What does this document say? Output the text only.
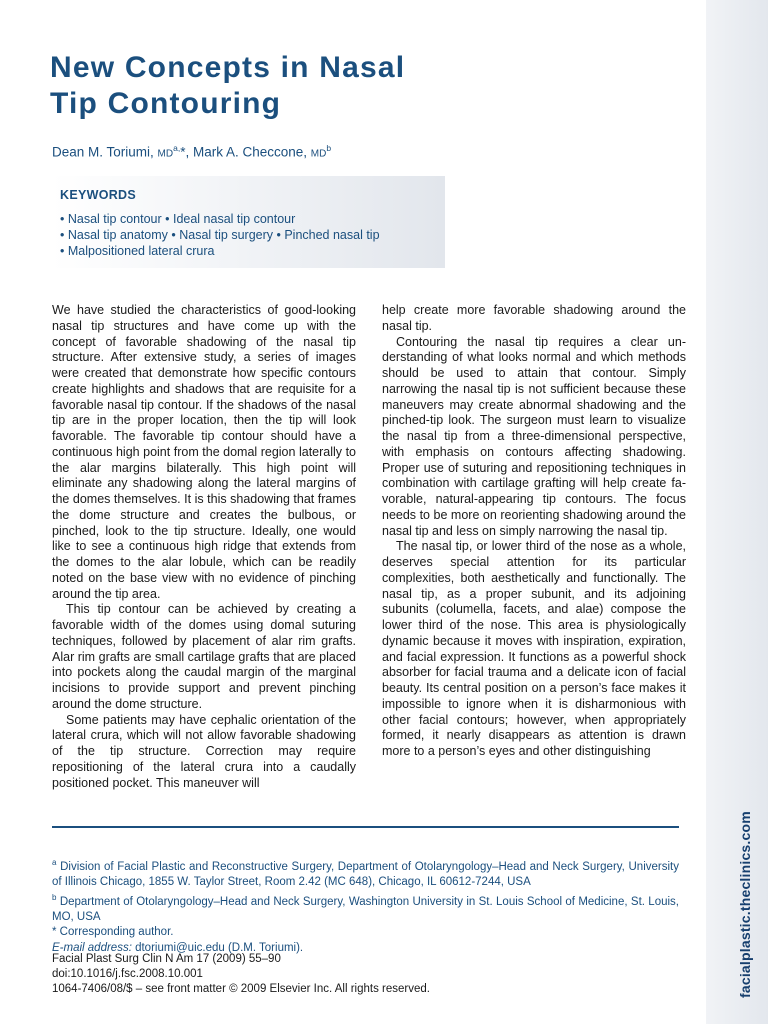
facialplastic.theclinics.com
New Concepts in Nasal
Tip Contouring

Dean M. Toriumi, $MD^{a,}*$, Mark A. Checcone, $MD^b$

KEYWORDS
• Nasal tip contour • Ideal nasal tip contour
• Nasal tip anatomy • Nasal tip surgery • Pinched nasal tip
• Malpositioned lateral crura

We have studied the characteristics of good-looking nasal tip structures and have come up with the concept of favorable shadowing of the nasal tip structure. After extensive study, a series of images were created that demonstrate how specific contours create highlights and shadows that are requisite for a favorable nasal tip contour. If the shadows of the nasal tip are in the proper location, then the tip will look favorable. The favorable tip contour should have a continuous high point from the domal region laterally to the alar margins bilaterally. This high point will eliminate any shadowing along the lateral margins of the domes themselves. It is this shadowing that frames the dome structure and creates the bulbous, or pinched, look to the tip structure. Ideally, one would like to see a continuous high ridge that extends from the domes to the alar lobule, which can be readily noted on the base view with no evidence of pinching around the tip area.

This tip contour can be achieved by creating a favorable width of the domes using domal suturing techniques, followed by placement of alar rim grafts. Alar rim grafts are small cartilage grafts that are placed into pockets along the caudal margin of the marginal incisions to provide support and prevent pinching around the dome structure.

Some patients may have cephalic orientation of the lateral crura, which will not allow favorable shadowing of the tip structure. Correction may require repositioning of the lateral crura into a caudally positioned pocket. This maneuver will

help create more favorable shadowing around the nasal tip.

Contouring the nasal tip requires a clear understanding of what looks normal and which methods should be used to attain that contour. Simply narrowing the nasal tip is not sufficient because these maneuvers may create abnormal shadowing and the pinched-tip look. The surgeon must learn to visualize the nasal tip from a three-dimensional perspective, with emphasis on contours affecting shadowing. Proper use of suturing and repositioning techniques in combination with cartilage grafting will help create favorable, natural-appearing tip contours. The focus needs to be more on reorienting shadowing around the nasal tip and less on simply narrowing the nasal tip.

The nasal tip, or lower third of the nose as a whole, deserves special attention for its particular complexities, both aesthetically and functionally. The nasal tip, as a proper subunit, and its adjoining subunits (columella, facets, and alae) compose the lower third of the nose. This area is physiologically dynamic because it moves with inspiration, expiration, and facial expression. It functions as a powerful shock absorber for facial trauma and a delicate icon of facial beauty. Its central position on a person’s face makes it impossible to ignore when it is disharmonious with other facial contours; however, when appropriately formed, it nearly disappears as attention is drawn more to a person’s eyes and other distinguishing

$^a$ Division of Facial Plastic and Reconstructive Surgery, Department of Otolaryngology–Head and Neck Surgery, University of Illinois Chicago, 1855 W. Taylor Street, Room 2.42 (MC 648), Chicago, IL 60612-7244, USA

$^b$ Department of Otolaryngology–Head and Neck Surgery, Washington University in St. Louis School of Medicine, St. Louis, MO, USA

* Corresponding author.

E-mail address: dtoriumi@uic.edu (D.M. Toriumi).

Facial Plast Surg Clin N Am 17 (2009) 55–90

doi:10.1016/j.fsc.2008.10.001

1064-7406/08/$ – see front matter © 2009 Elsevier Inc. All rights reserved.
